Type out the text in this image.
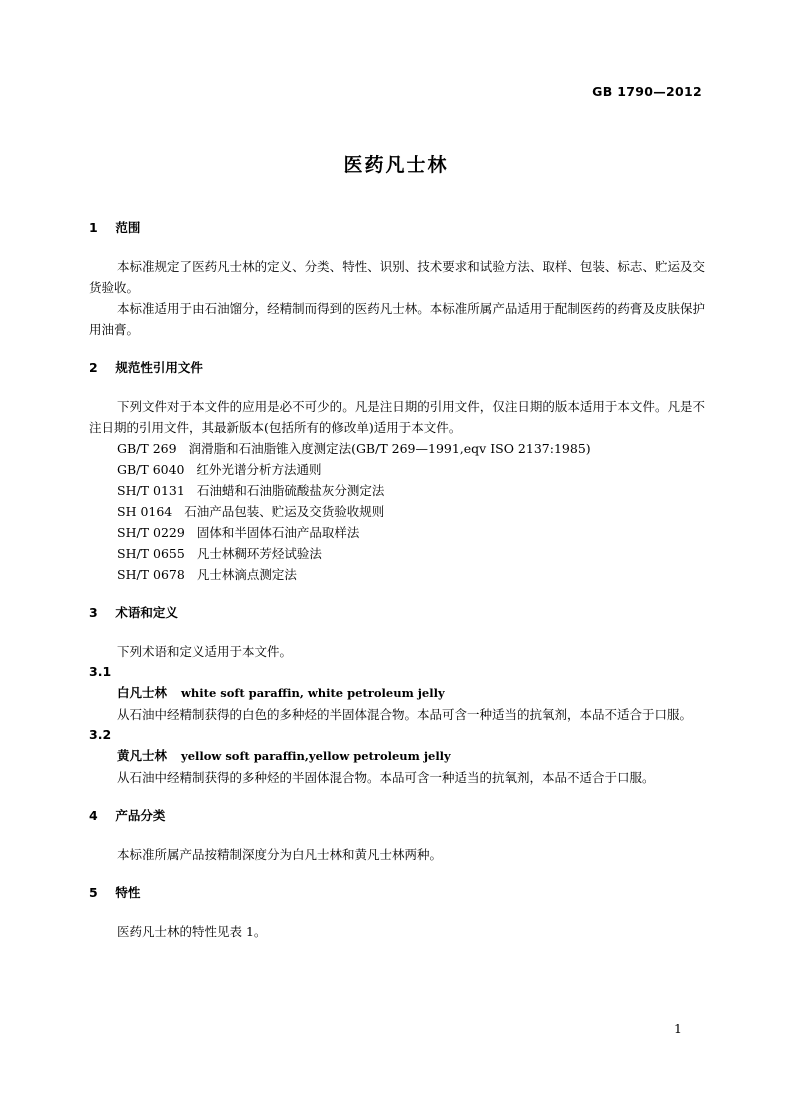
GB 1790—2012
医药凡士林
1 范围

本标准规定了医药凡士林的定义、分类、特性、识别、技术要求和试验方法、取样、包装、标志、贮运及交货验收。

本标准适用于由石油馏分，经精制而得到的医药凡士林。本标准所属产品适用于配制医药的药膏及皮肤保护用油膏。

2 规范性引用文件

下列文件对于本文件的应用是必不可少的。凡是注日期的引用文件，仅注日期的版本适用于本文件。凡是不注日期的引用文件，其最新版本(包括所有的修改单)适用于本文件。

GB/T 269 润滑脂和石油脂锥入度测定法(GB/T 269—1991,eqv ISO 2137:1985)

GB/T 6040 红外光谱分析方法通则

SH/T 0131 石油蜡和石油脂硫酸盐灰分测定法

SH 0164 石油产品包装、贮运及交货验收规则

SH/T 0229 固体和半固体石油产品取样法

SH/T 0655 凡士林稠环芳烃试验法

SH/T 0678 凡士林滴点测定法

3 术语和定义

下列术语和定义适用于本文件。

3.1

白凡士林 white soft paraffin, white petroleum jelly

从石油中经精制获得的白色的多种烃的半固体混合物。本品可含一种适当的抗氧剂，本品不适合于口服。

3.2

黄凡士林 yellow soft paraffin,yellow petroleum jelly

从石油中经精制获得的多种烃的半固体混合物。本品可含一种适当的抗氧剂，本品不适合于口服。

4 产品分类

本标准所属产品按精制深度分为白凡士林和黄凡士林两种。

5 特性

医药凡士林的特性见表 1。

1
